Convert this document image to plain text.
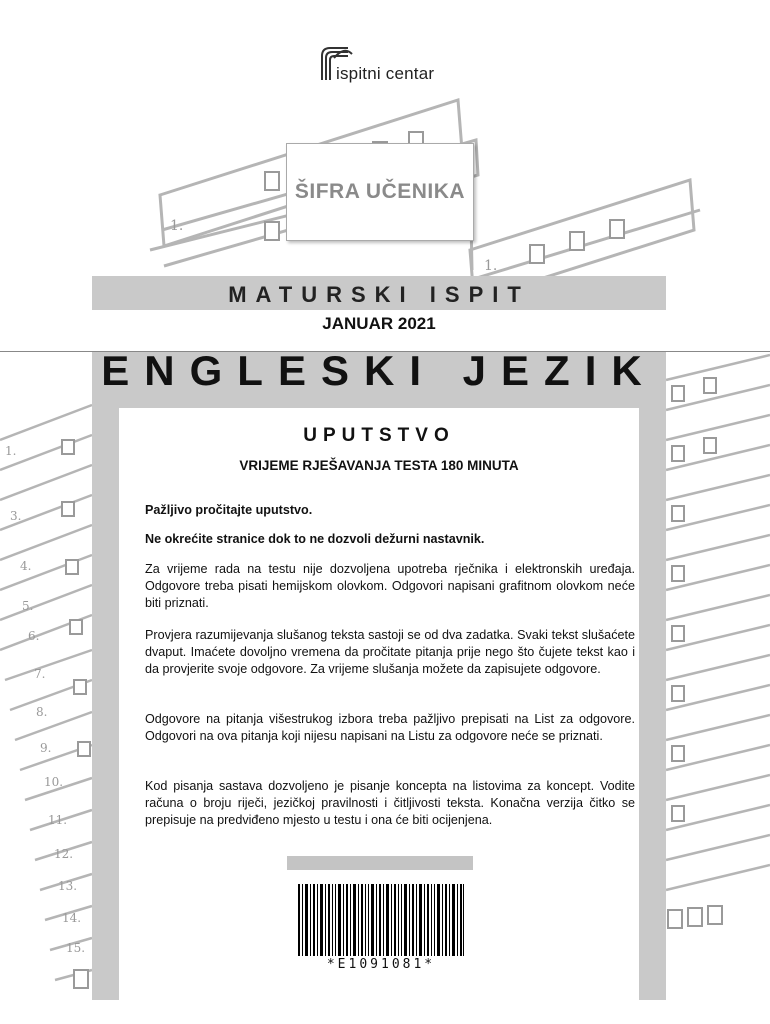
1.
1.
1.
3.
4.
5.
6.
7.
8.
9.
10.
11.
12.
13.
14.
15.
ispitni centar
ŠIFRA UČENIKA
MATURSKI ISPIT
JANUAR 2021
ENGLESKI JEZIK
UPUTSTVO
VRIJEME RJEŠAVANJA TESTA 180 MINUTA

Pažljivo pročitajte uputstvo.

Ne okrećite stranice dok to ne dozvoli dežurni nastavnik.

Za vrijeme rada na testu nije dozvoljena upotreba rječnika i elektronskih uređaja. Odgovore treba pisati hemijskom olovkom. Odgovori napisani grafitnom olovkom neće biti priznati.

Provjera razumijevanja slušanog teksta sastoji se od dva zadatka. Svaki tekst slušaćete dvaput. Imaćete dovoljno vremena da pročitate pitanja prije nego što čujete tekst kao i da provjerite svoje odgovore. Za vrijeme slušanja možete da zapisujete odgovore.

Odgovore na pitanja višestrukog izbora treba pažljivo prepisati na List za odgovore. Odgovori na ova pitanja koji nijesu napisani na Listu za odgovore neće se priznati.

Kod pisanja sastava dozvoljeno je pisanje koncepta na listovima za koncept. Vodite računa o broju riječi, jezičkoj pravilnosti i čitljivosti teksta. Konačna verzija čitko se prepisuje na predviđeno mjesto u testu i ona će biti ocijenjena.

*E1091081*
